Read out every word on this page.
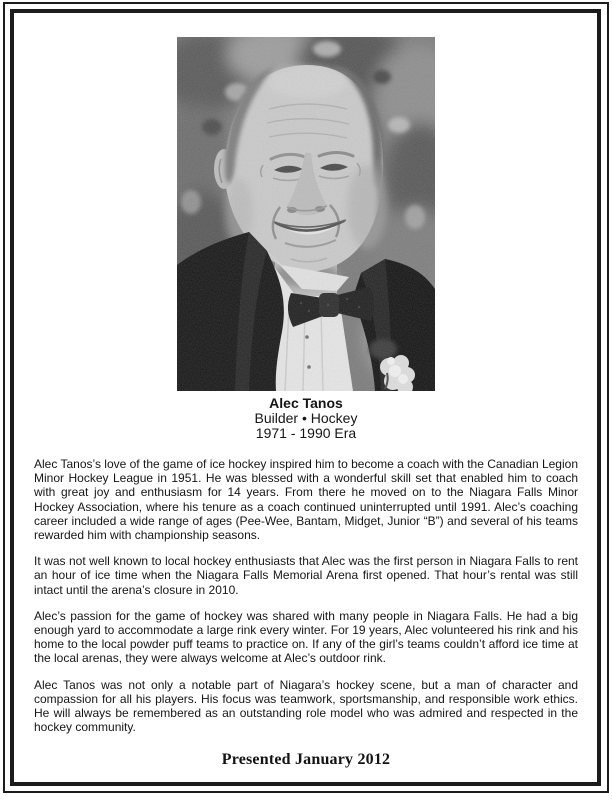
Alec Tanos
Builder • Hockey
1971 - 1990 Era

Alec Tanos’s love of the game of ice hockey inspired him to become a coach with the Canadian Legion Minor Hockey League in 1951. He was blessed with a wonderful skill set that enabled him to coach with great joy and enthusiasm for 14 years. From there he moved on to the Niagara Falls Minor Hockey Association, where his tenure as a coach continued uninterrupted until 1991. Alec’s coaching career included a wide range of ages (Pee-Wee, Bantam, Midget, Junior “B”) and several of his teams rewarded him with championship seasons.

It was not well known to local hockey enthusiasts that Alec was the first person in Niagara Falls to rent an hour of ice time when the Niagara Falls Memorial Arena first opened. That hour’s rental was still intact until the arena’s closure in 2010.

Alec’s passion for the game of hockey was shared with many people in Niagara Falls. He had a big enough yard to accommodate a large rink every winter. For 19 years, Alec volunteered his rink and his home to the local powder puff teams to practice on. If any of the girl’s teams couldn’t afford ice time at the local arenas, they were always welcome at Alec’s outdoor rink.

Alec Tanos was not only a notable part of Niagara’s hockey scene, but a man of character and compassion for all his players. His focus was teamwork, sportsmanship, and responsible work ethics. He will always be remembered as an outstanding role model who was admired and respected in the hockey community.

Presented January 2012
